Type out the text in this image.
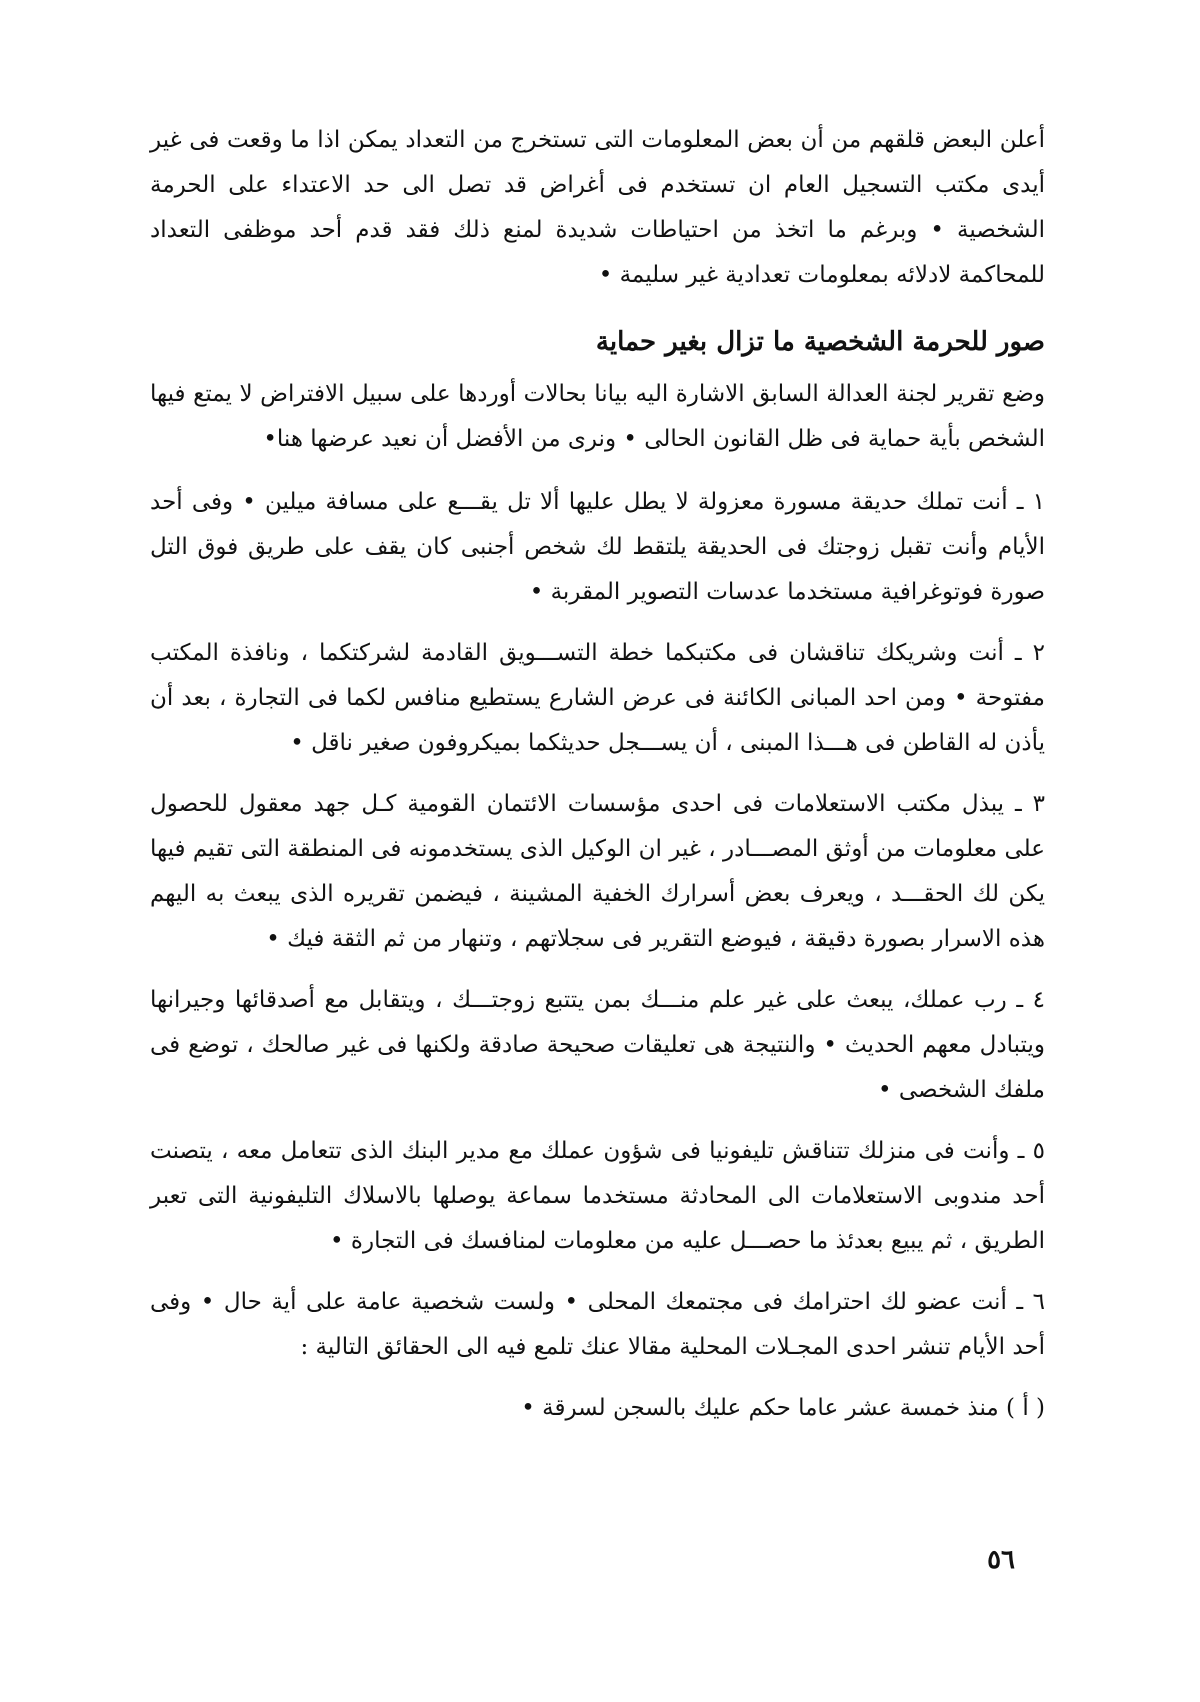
أعلن البعض قلقهم من أن بعض المعلومات التى تستخرج من التعداد يمكن اذا ما وقعت فى غير أيدى مكتب التسجيل العام ان تستخدم فى أغراض قد تصل الى حد الاعتداء على الحرمة الشخصية • وبرغم ما اتخذ من احتياطات شديدة لمنع ذلك فقد قدم أحد موظفى التعداد للمحاكمة لادلائه بمعلومات تعدادية غير سليمة •

صور للحرمة الشخصية ما تزال بغير حماية

وضع تقرير لجنة العدالة السابق الاشارة اليه بيانا بحالات أوردها على سبيل الافتراض لا يمتع فيها الشخص بأية حماية فى ظل القانون الحالى • ونرى من الأفضل أن نعيد عرضها هنا•

١ ـ أنت تملك حديقة مسورة معزولة لا يطل عليها ألا تل يقـــع على مسافة ميلين • وفى أحد الأيام وأنت تقبل زوجتك فى الحديقة يلتقط لك شخص أجنبى كان يقف على طريق فوق التل صورة فوتوغرافية مستخدما عدسات التصوير المقربة •

٢ ـ أنت وشريكك تناقشان فى مكتبكما خطة التســـويق القادمة لشركتكما ، ونافذة المكتب مفتوحة • ومن احد المبانى الكائنة فى عرض الشارع يستطيع منافس لكما فى التجارة ، بعد أن يأذن له القاطن فى هـــذا المبنى ، أن يســـجل حديثكما بميكروفون صغير ناقل •

٣ ـ يبذل مكتب الاستعلامات فى احدى مؤسسات الائتمان القومية كـل جهد معقول للحصول على معلومات من أوثق المصـــادر ، غير ان الوكيل الذى يستخدمونه فى المنطقة التى تقيم فيها يكن لك الحقـــد ، ويعرف بعض أسرارك الخفية المشينة ، فيضمن تقريره الذى يبعث به اليهم هذه الاسرار بصورة دقيقة ، فيوضع التقرير فى سجلاتهم ، وتنهار من ثم الثقة فيك •

٤ ـ رب عملك، يبعث على غير علم منـــك بمن يتتبع زوجتـــك ، ويتقابل مع أصدقائها وجيرانها ويتبادل معهم الحديث • والنتيجة هى تعليقات صحيحة صادقة ولكنها فى غير صالحك ، توضع فى ملفك الشخصى •

٥ ـ وأنت فى منزلك تتناقش تليفونيا فى شؤون عملك مع مدير البنك الذى تتعامل معه ، يتصنت أحد مندوبى الاستعلامات الى المحادثة مستخدما سماعة يوصلها بالاسلاك التليفونية التى تعبر الطريق ، ثم يبيع بعدئذ ما حصـــل عليه من معلومات لمنافسك فى التجارة •

٦ ـ أنت عضو لك احترامك فى مجتمعك المحلى • ولست شخصية عامة على أية حال • وفى أحد الأيام تنشر احدى المجـلات المحلية مقالا عنك تلمع فيه الى الحقائق التالية :

( أ ) منذ خمسة عشر عاما حكم عليك بالسجن لسرقة •

٥٦
